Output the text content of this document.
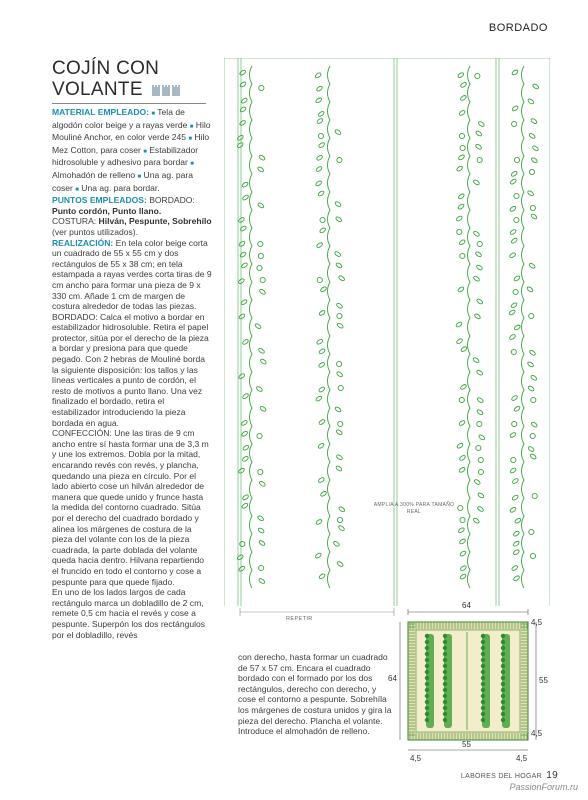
BORDADO
COJÍN CON
VOLANTE

MATERIAL EMPLEADO: ■ Tela de algodón color beige y a rayas verde ■ Hilo Mouliné Anchor, en color verde 245 ■ Hilo Mez Cotton, para coser ■ Estabilizador hidrosoluble y adhesivo para bordar ■ Almohadón de relleno ■ Una ag. para coser ■ Una ag. para bordar.

PUNTOS EMPLEADOS: BORDADO: Punto cordón, Punto llano.

COSTURA: Hilván, Pespunte, Sobrehílo (ver puntos utilizados).

REALIZACIÓN: En tela color beige corta un cuadrado de 55 x 55 cm y dos rectángulos de 55 x 38 cm; en tela estampada a rayas verdes corta tiras de 9 cm ancho para formar una pieza de 9 x 330 cm. Añade 1 cm de margen de costura alrededor de todas las piezas.

BORDADO: Calca el motivo a bordar en estabilizador hidrosoluble. Retira el papel protector, sitúa por el derecho de la pieza a bordar y presiona para que quede pegado. Con 2 hebras de Mouliné borda la siguiente disposición: los tallos y las líneas verticales a punto de cordón, el resto de motivos a punto llano. Una vez finalizado el bordado, retira el estabilizador introduciendo la pieza bordada en agua.

CONFECCIÓN: Une las tiras de 9 cm ancho entre sí hasta formar una de 3,3 m y une los extremos. Dobla por la mitad, encarando revés con revés, y plancha, quedando una pieza en círculo. Por el lado abierto cose un hilván alrededor de manera que quede unido y frunce hasta la medida del contorno cuadrado. Sitúa por el derecho del cuadrado bordado y alinea los márgenes de costura de la pieza del volante con los de la pieza cuadrada, la parte doblada del volante queda hacia dentro. Hilvana repartiendo el fruncido en todo el contorno y cose a pespunte para que quede fijado.

En uno de los lados largos de cada rectángulo marca un dobladillo de 2 cm, remete 0,5 cm hacia el revés y cose a pespunte. Superpón los dos rectángulos por el dobladillo, revés

AMPLIA A 300% PARA TAMAÑO REAL
REPETIR
con derecho, hasta formar un cuadrado de 57 x 57 cm. Encara el cuadrado bordado con el formado por los dos rectángulos, derecho con derecho, y cose el contorno a pespunte. Sobrehíla los márgenes de costura unidos y gira la pieza del derecho. Plancha el volante. Introduce el almohadón de relleno.
64
64
4,5
55
4,5
55
4,5	4,5
LABORES DEL HOGAR 19
PassionForum.ru
